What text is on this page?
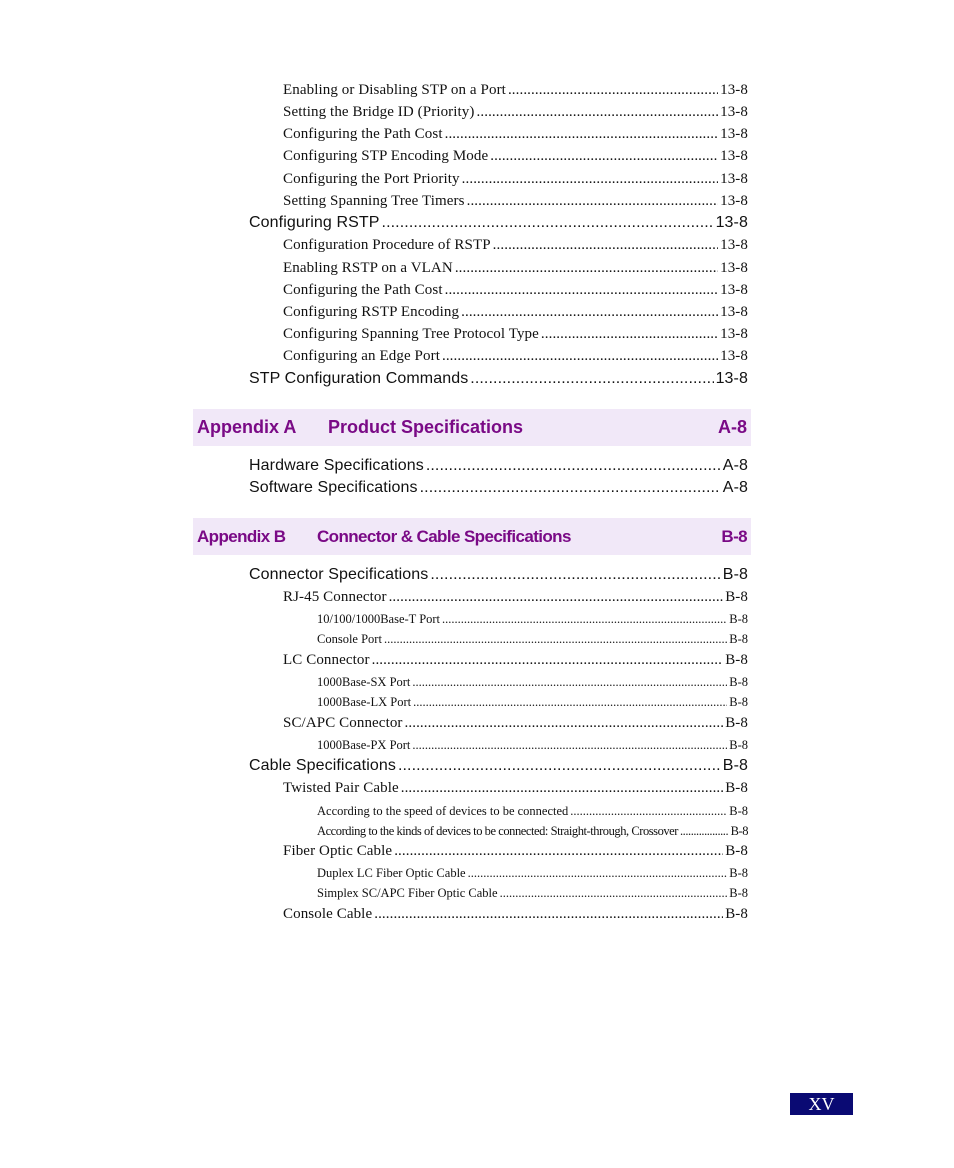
Enabling or Disabling STP on a Port .....	13-8
Setting the Bridge ID (Priority) .....	13-8
Configuring the Path Cost .....	13-8
Configuring STP Encoding Mode .....	13-8
Configuring the Port Priority .....	13-8
Setting Spanning Tree Timers .....	13-8
Configuring RSTP .....	13-8
Configuration Procedure of RSTP .....	13-8
Enabling RSTP on a VLAN .....	13-8
Configuring the Path Cost .....	13-8
Configuring RSTP Encoding .....	13-8
Configuring Spanning Tree Protocol Type .....	13-8
Configuring an Edge Port .....	13-8
STP Configuration Commands .....	13-8
Appendix A Product Specifications	A-8
Hardware Specifications .....	A-8
Software Specifications .....	A-8
Appendix B Connector & Cable Specifications	B-8
Connector Specifications .....	B-8
RJ-45 Connector .....	B-8
10/100/1000Base-T Port .....	B-8
Console Port .....	B-8
LC Connector .....	B-8
1000Base-SX Port .....	B-8
1000Base-LX Port .....	B-8
SC/APC Connector .....	B-8
1000Base-PX Port .....	B-8
Cable Specifications .....	B-8
Twisted Pair Cable .....	B-8
According to the speed of devices to be connected .....	B-8
According to the kinds of devices to be connected: Straight-through, Crossover .....	B-8
Fiber Optic Cable .....	B-8
Duplex LC Fiber Optic Cable .....	B-8
Simplex SC/APC Fiber Optic Cable .....	B-8
Console Cable .....	B-8
XV
